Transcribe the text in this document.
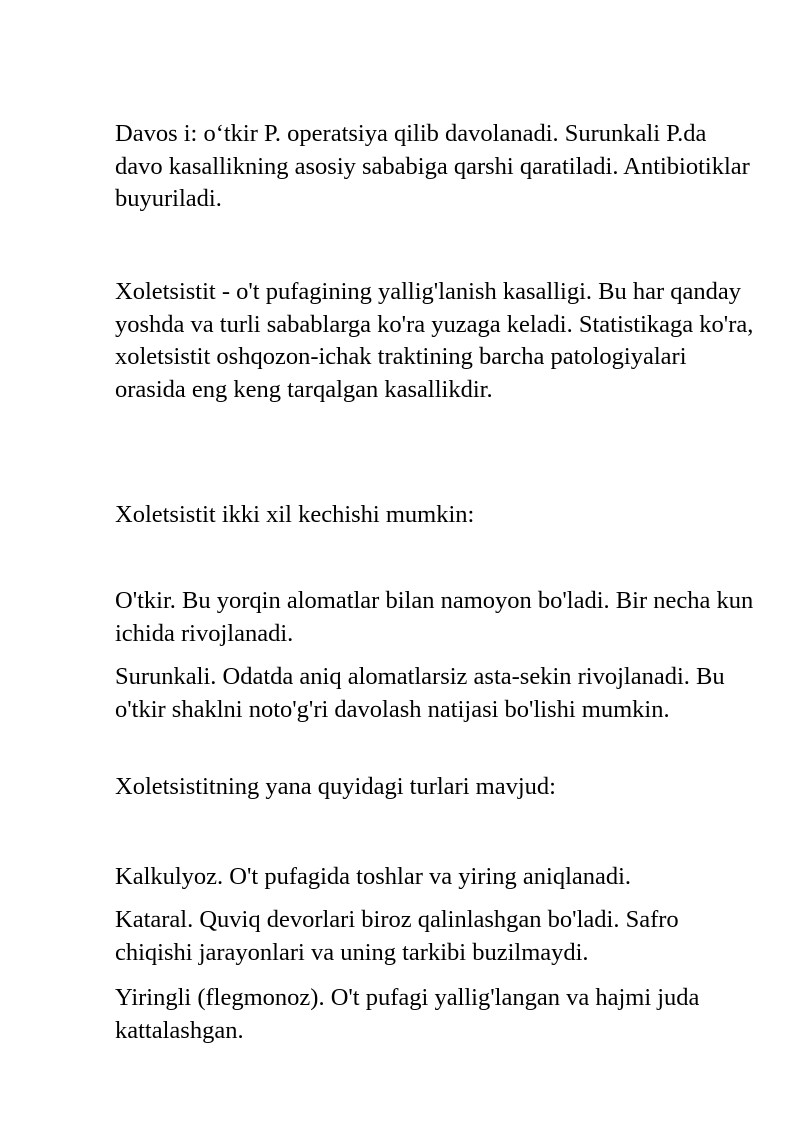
Davos i: o‘tkir P. operatsiya qilib davolanadi. Surunkali P.da davo kasallikning asosiy sababiga qarshi qaratiladi. Antibiotiklar buyuriladi.

Xoletsistit - o't pufagining yallig'lanish kasalligi. Bu har qanday yoshda va turli sabablarga ko'ra yuzaga keladi. Statistikaga ko'ra, xoletsistit oshqozon-ichak traktining barcha patologiyalari orasida eng keng tarqalgan kasallikdir.

Xoletsistit ikki xil kechishi mumkin:

O'tkir. Bu yorqin alomatlar bilan namoyon bo'ladi. Bir necha kun ichida rivojlanadi.

Surunkali. Odatda aniq alomatlarsiz asta-sekin rivojlanadi. Bu o'tkir shaklni noto'g'ri davolash natijasi bo'lishi mumkin.

Xoletsistitning yana quyidagi turlari mavjud:

Kalkulyoz. O't pufagida toshlar va yiring aniqlanadi.

Kataral. Quviq devorlari biroz qalinlashgan bo'ladi. Safro chiqishi jarayonlari va uning tarkibi buzilmaydi.

Yiringli (flegmonoz). O't pufagi yallig'langan va hajmi juda kattalashgan.
